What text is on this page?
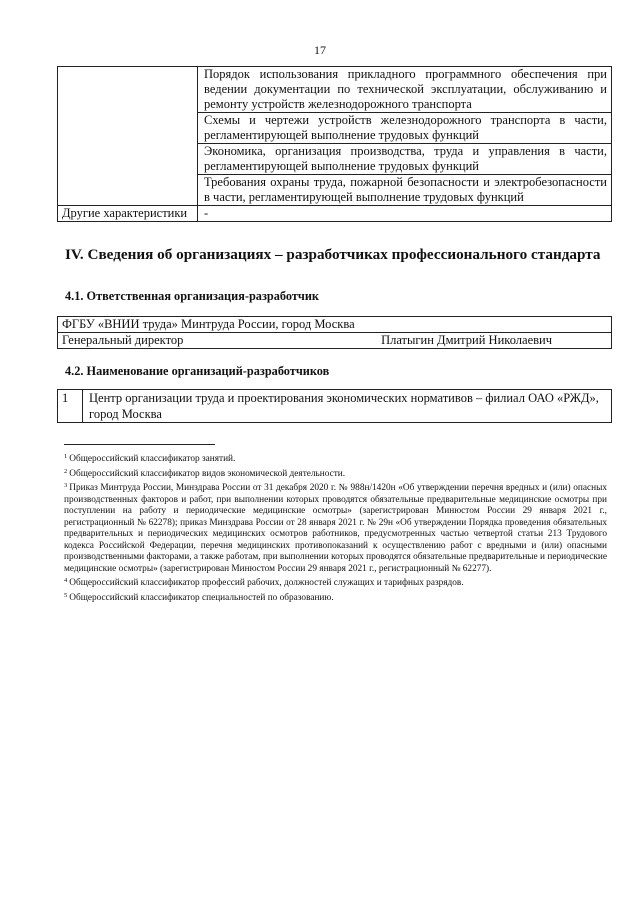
17
	Порядок использования прикладного программного обеспечения при ведении документации по технической эксплуатации, обслуживанию и ремонту устройств железнодорожного транспорта
	Схемы и чертежи устройств железнодорожного транспорта в части, регламентирующей выполнение трудовых функций
	Экономика, организация производства, труда и управления в части, регламентирующей выполнение трудовых функций
	Требования охраны труда, пожарной безопасности и электробезопасности в части, регламентирующей выполнение трудовых функций
Другие характеристики	-
IV. Сведения об организациях – разработчиках профессионального стандарта
4.1. Ответственная организация-разработчик
ФГБУ «ВНИИ труда» Минтруда России, город Москва

Генеральный директор	Платыгин Дмитрий Николаевич
4.2. Наименование организаций-разработчиков
1	Центр организации труда и проектирования экономических нормативов – филиал ОАО «РЖД», город Москва

$^1$ Общероссийский классификатор занятий.

$^2$ Общероссийский классификатор видов экономической деятельности.

$^3$ Приказ Минтруда России, Минздрава России от 31 декабря 2020 г. № 988н/1420н «Об утверждении перечня вредных и (или) опасных производственных факторов и работ, при выполнении которых проводятся обязательные предварительные медицинские осмотры при поступлении на работу и периодические медицинские осмотры» (зарегистрирован Минюстом России 29 января 2021 г., регистрационный № 62278); приказ Минздрава России от 28 января 2021 г. № 29н «Об утверждении Порядка проведения обязательных предварительных и периодических медицинских осмотров работников, предусмотренных частью четвертой статьи 213 Трудового кодекса Российской Федерации, перечня медицинских противопоказаний к осуществлению работ с вредными и (или) опасными производственными факторами, а также работам, при выполнении которых проводятся обязательные предварительные и периодические медицинские осмотры» (зарегистрирован Минюстом России 29 января 2021 г., регистрационный № 62277).

$^4$ Общероссийский классификатор профессий рабочих, должностей служащих и тарифных разрядов.

$^5$ Общероссийский классификатор специальностей по образованию.
